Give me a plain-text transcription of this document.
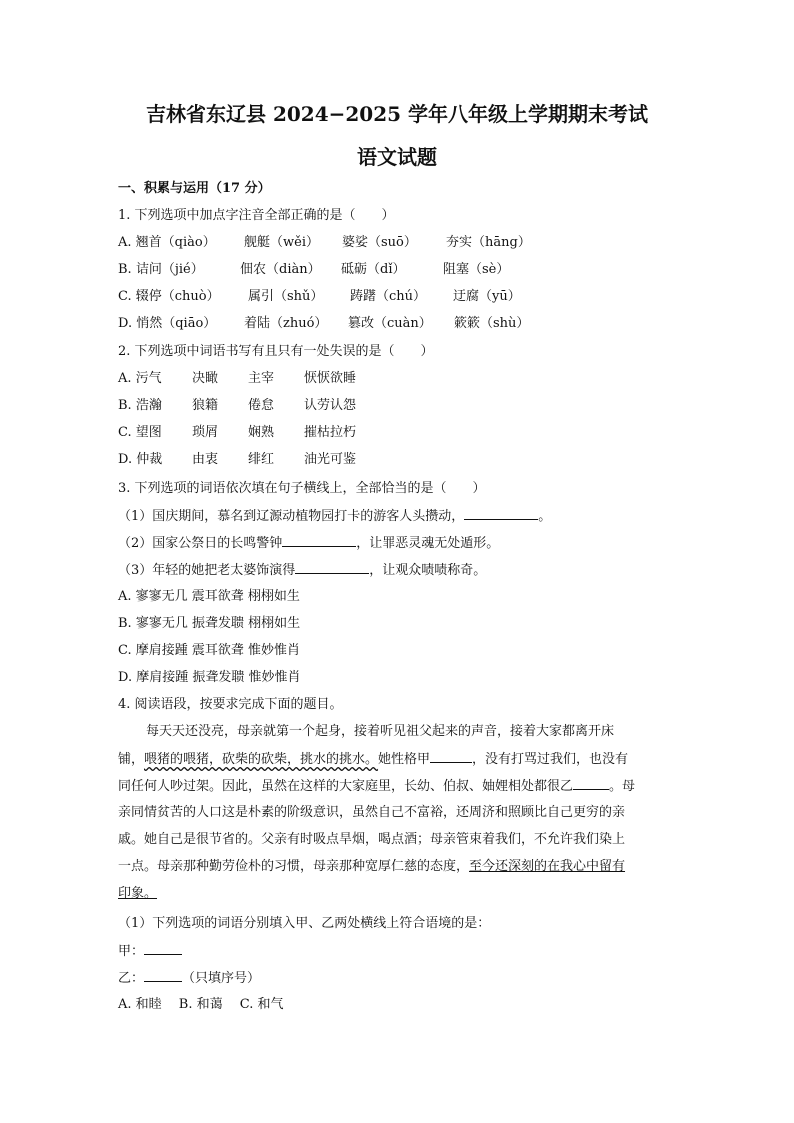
吉林省东辽县 2024−2025 学年八年级上学期期末考试
语文试题
一、积累与运用（17 分）
1. 下列选项中加点字注音全部正确的是（　　）
A. 翘首（qiào） 舰艇（wěi） 婆娑（suō） 夯实（hāng）
B. 诘问（jié）	佃农（diàn） 砥砺（dǐ）	阻塞（sè）
C. 辍停（chuò） 属引（shǔ） 踌躇（chú） 迂腐（yū）
D. 悄然（qiāo） 着陆（zhuó） 篡改（cuàn） 簌簌（shù）
2. 下列选项中词语书写有且只有一处失误的是（　　）
A. 污气 决瞰 主宰 恹恹欲睡
B. 浩瀚 狼籍 倦怠 认劳认怨
C. 望图 琐屑 娴熟 摧枯拉朽
D. 仲裁 由衷 绯红 油光可鉴
3. 下列选项的词语依次填在句子横线上，全部恰当的是（　　）
（1）国庆期间，慕名到辽源动植物园打卡的游客人头攒动，	。
（2）国家公祭日的长鸣警钟	，让罪恶灵魂无处遁形。
（3）年轻的她把老太婆饰演得	，让观众啧啧称奇。
A. 寥寥无几 震耳欲聋 栩栩如生
B. 寥寥无几 振聋发聩 栩栩如生
C. 摩肩接踵 震耳欲聋 惟妙惟肖
D. 摩肩接踵 振聋发聩 惟妙惟肖
4. 阅读语段，按要求完成下面的题目。
每天天还没亮，母亲就第一个起身，接着听见祖父起来的声音，接着大家都离开床
铺，喂猪的喂猪，砍柴的砍柴，挑水的挑水。她性格甲	，没有打骂过我们，也没有
同任何人吵过架。因此，虽然在这样的大家庭里，长幼、伯叔、妯娌相处都很乙	。母
亲同情贫苦的人口这是朴素的阶级意识，虽然自己不富裕，还周济和照顾比自己更穷的亲
戚。她自己是很节省的。父亲有时吸点旱烟，喝点酒；母亲管束着我们，不允许我们染上
一点。母亲那种勤劳俭朴的习惯，母亲那种宽厚仁慈的态度，至今还深刻的在我心中留有
印象。
（1）下列选项的词语分别填入甲、乙两处横线上符合语境的是：
甲：
乙：	（只填序号）
A. 和睦　 B. 和蔼　 C. 和气
